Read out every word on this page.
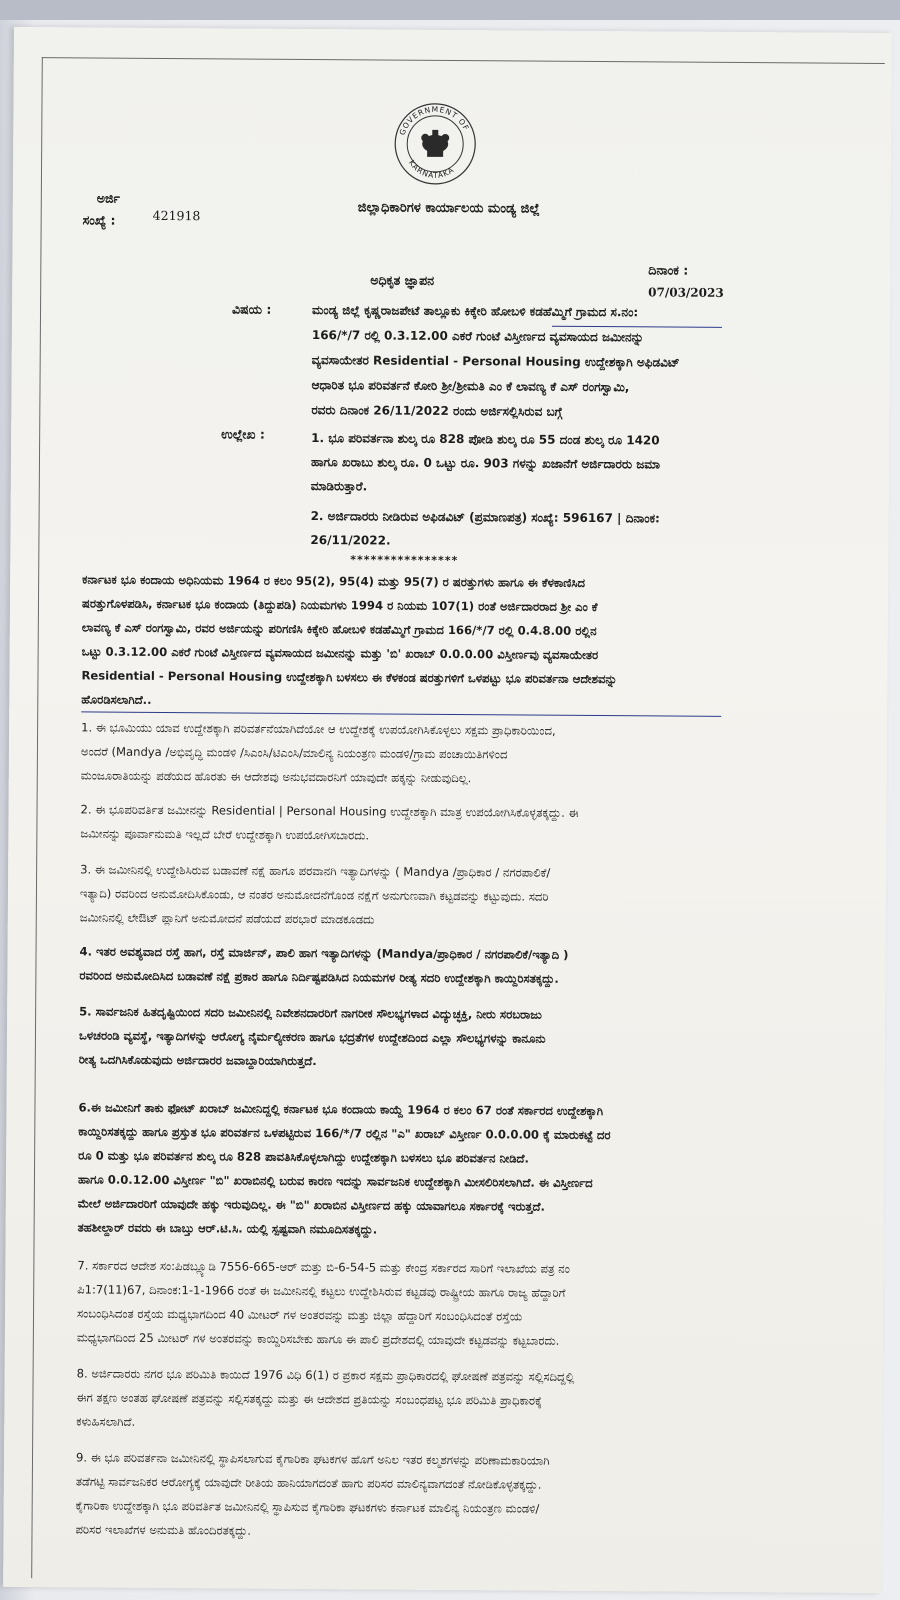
GOVERNMENT OF
KARNATAKA
ಜಿಲ್ಲಾಧಿಕಾರಿಗಳ ಕಾರ್ಯಾಲಯ ಮಂಡ್ಯ ಜಿಲ್ಲೆ
ಅರ್ಜಿ
ಸಂಖ್ಯೆ :	421918
ದಿನಾಂಕ :
07/03/2023
ಅಧಿಕೃತ ಜ್ಞಾಪನ
ವಿಷಯ :	ಮಂಡ್ಯ ಜಿಲ್ಲೆ ಕೃಷ್ಣರಾಜಪೇಟೆ ತಾಲ್ಲೂಕು ಕಿಕ್ಕೇರಿ ಹೋಬಳಿ ಕಡಹೆಮ್ಮಿಗೆ ಗ್ರಾಮದ ಸ.ನಂ:
166/*/7 ರಲ್ಲಿ 0.3.12.00 ಎಕರೆ ಗುಂಟೆ ವಿಸ್ತೀರ್ಣದ ವ್ಯವಸಾಯದ ಜಮೀನನ್ನು
ವ್ಯವಸಾಯೇತರ Residential - Personal Housing ಉದ್ದೇಶಕ್ಕಾಗಿ ಅಫಿಡವಿಟ್
ಆಧಾರಿತ ಭೂ ಪರಿವರ್ತನೆ ಕೋರಿ ಶ್ರೀ/ಶ್ರೀಮತಿ ಎಂ ಕೆ ಲಾವಣ್ಯ ಕೆ ಎಸ್ ರಂಗಸ್ವಾಮಿ,
ರವರು ದಿನಾಂಕ 26/11/2022 ರಂದು ಅರ್ಜಿಸಲ್ಲಿಸಿರುವ ಬಗ್ಗೆ
ಉಲ್ಲೇಖ :	1. ಭೂ ಪರಿವರ್ತನಾ ಶುಲ್ಕ ರೂ 828 ಪೋಡಿ ಶುಲ್ಕ ರೂ 55 ದಂಡ ಶುಲ್ಕ ರೂ 1420
ಹಾಗೂ ಖರಾಬು ಶುಲ್ಕ ರೂ. 0 ಒಟ್ಟು ರೂ. 903 ಗಳನ್ನು ಖಜಾನೆಗೆ ಅರ್ಜಿದಾರರು ಜಮಾ
ಮಾಡಿರುತ್ತಾರೆ.
2. ಅರ್ಜಿದಾರರು ನೀಡಿರುವ ಅಫಿಡವಿಟ್ (ಪ್ರಮಾಣಪತ್ರ) ಸಂಖ್ಯೆ: 596167 | ದಿನಾಂಕ:
26/11/2022.
****************
ಕರ್ನಾಟಕ ಭೂ ಕಂದಾಯ ಅಧಿನಿಯಮ 1964 ರ ಕಲಂ 95(2), 95(4) ಮತ್ತು 95(7) ರ ಷರತ್ತುಗಳು ಹಾಗೂ ಈ ಕೆಳಕಾಣಿಸಿದ
ಷರತ್ತುಗೊಳಪಡಿಸಿ, ಕರ್ನಾಟಕ ಭೂ ಕಂದಾಯ (ತಿದ್ದುಪಡಿ) ನಿಯಮಗಳು 1994 ರ ನಿಯಮ 107(1) ರಂತೆ ಅರ್ಜಿದಾರರಾದ ಶ್ರೀ ಎಂ ಕೆ
ಲಾವಣ್ಯ ಕೆ ಎಸ್ ರಂಗಸ್ವಾಮಿ, ರವರ ಅರ್ಜಿಯನ್ನು ಪರಿಗಣಿಸಿ ಕಿಕ್ಕೇರಿ ಹೋಬಳಿ ಕಡಹೆಮ್ಮಿಗೆ ಗ್ರಾಮದ 166/*/7 ರಲ್ಲಿ 0.4.8.00 ರಲ್ಲಿನ
ಒಟ್ಟು 0.3.12.00 ಎಕರೆ ಗುಂಟೆ ವಿಸ್ತೀರ್ಣದ ವ್ಯವಸಾಯದ ಜಮೀನನ್ನು ಮತ್ತು 'ಬಿ' ಖರಾಬ್ 0.0.0.00 ವಿಸ್ತೀರ್ಣವು ವ್ಯವಸಾಯೇತರ
Residential - Personal Housing ಉದ್ದೇಶಕ್ಕಾಗಿ ಬಳಸಲು ಈ ಕೆಳಕಂಡ ಷರತ್ತುಗಳಿಗೆ ಒಳಪಟ್ಟು ಭೂ ಪರಿವರ್ತನಾ ಆದೇಶವನ್ನು
ಹೊರಡಿಸಲಾಗಿದೆ..
1. ಈ ಭೂಮಿಯು ಯಾವ ಉದ್ದೇಶಕ್ಕಾಗಿ ಪರಿವರ್ತನೆಯಾಗಿದೆಯೋ ಆ ಉದ್ದೇಶಕ್ಕೆ ಉಪಯೋಗಿಸಿಕೊಳ್ಳಲು ಸಕ್ಷಮ ಪ್ರಾಧಿಕಾರಿಯಿಂದ,
ಅಂದರೆ (Mandya /ಅಭಿವೃದ್ಧಿ ಮಂಡಳಿ /ಸಿಎಂಸಿ/ಟಿಎಂಸಿ/ಮಾಲಿನ್ಯ ನಿಯಂತ್ರಣ ಮಂಡಳಿ/ಗ್ರಾಮ ಪಂಚಾಯಿತಿಗಳಿಂದ
ಮಂಜೂರಾತಿಯನ್ನು ಪಡೆಯದ ಹೊರತು ಈ ಆದೇಶವು ಅನುಭವದಾರನಿಗೆ ಯಾವುದೇ ಹಕ್ಕನ್ನು ನೀಡುವುದಿಲ್ಲ.
2. ಈ ಭೂಪರಿವರ್ತಿತ ಜಮೀನನ್ನು Residential | Personal Housing ಉದ್ದೇಶಕ್ಕಾಗಿ ಮಾತ್ರ ಉಪಯೋಗಿಸಿಕೊಳ್ಳತಕ್ಕದ್ದು. ಈ
ಜಮೀನನ್ನು ಪೂರ್ವಾನುಮತಿ ಇಲ್ಲದೆ ಬೇರೆ ಉದ್ದೇಶಕ್ಕಾಗಿ ಉಪಯೋಗಿಸಬಾರದು.
3. ಈ ಜಮೀನಿನಲ್ಲಿ ಉದ್ದೇಶಿಸಿರುವ ಬಡಾವಣೆ ನಕ್ಷೆ ಹಾಗೂ ಪರವಾನಗಿ ಇತ್ಯಾದಿಗಳನ್ನು ( Mandya /ಪ್ರಾಧಿಕಾರ / ನಗರಪಾಲಿಕೆ/
ಇತ್ಯಾದಿ) ರವರಿಂದ ಅನುಮೋದಿಸಿಕೊಂಡು, ಆ ನಂತರ ಅನುಮೋದನೆಗೊಂಡ ನಕ್ಷೆಗೆ ಅನುಗುಣವಾಗಿ ಕಟ್ಟಡವನ್ನು ಕಟ್ಟುವುದು. ಸದರಿ
ಜಮೀನಿನಲ್ಲಿ ಲೇಔಟ್ ಪ್ಲಾನಿಗೆ ಅನುಮೋದನೆ ಪಡೆಯದೆ ಪರಭಾರೆ ಮಾಡಕೂಡದು
4. ಇತರ ಅವಶ್ಯವಾದ ರಸ್ತೆ ಹಾಗ, ರಸ್ತೆ ಮಾರ್ಜಿನ್, ಪಾಲಿ ಹಾಗ ಇತ್ಯಾದಿಗಳನ್ನು (Mandya/ಪ್ರಾಧಿಕಾರ / ನಗರಪಾಲಿಕೆ/ಇತ್ಯಾದಿ )
ರವರಿಂದ ಅನುಮೋದಿಸಿದ ಬಡಾವಣೆ ನಕ್ಷೆ ಪ್ರಕಾರ ಹಾಗೂ ನಿರ್ದಿಷ್ಟಪಡಿಸಿದ ನಿಯಮಗಳ ರೀತ್ಯ ಸದರಿ ಉದ್ದೇಶಕ್ಕಾಗಿ ಕಾಯ್ದಿರಿಸತಕ್ಕದ್ದು.
5. ಸಾರ್ವಜನಿಕ ಹಿತದೃಷ್ಟಿಯಿಂದ ಸದರಿ ಜಮೀನಿನಲ್ಲಿ ನಿವೇಶನದಾರರಿಗೆ ನಾಗರೀಕ ಸೌಲಭ್ಯಗಳಾದ ವಿದ್ಯುಚ್ಛಕ್ತಿ, ನೀರು ಸರಬರಾಜು
ಒಳಚರಂಡಿ ವ್ಯವಸ್ಥೆ, ಇತ್ಯಾದಿಗಳನ್ನು ಆರೋಗ್ಯ ನೈರ್ಮಲ್ಯೀಕರಣ ಹಾಗೂ ಭದ್ರತೆಗಳ ಉದ್ದೇಶದಿಂದ ಎಲ್ಲಾ ಸೌಲಭ್ಯಗಳನ್ನು ಕಾನೂನು
ರೀತ್ಯ ಒದಗಿಸಿಕೊಡುವುದು ಅರ್ಜಿದಾರರ ಜವಾಬ್ದಾರಿಯಾಗಿರುತ್ತದೆ.
6.ಈ ಜಮೀನಿಗೆ ತಾಕು ಫೋಟ್ ಖರಾಬ್ ಜಮೀನಿದ್ದಲ್ಲಿ ಕರ್ನಾಟಕ ಭೂ ಕಂದಾಯ ಕಾಯ್ದೆ 1964 ರ ಕಲಂ 67 ರಂತೆ ಸರ್ಕಾರದ ಉದ್ದೇಶಕ್ಕಾಗಿ
ಕಾಯ್ದಿರಿಸತಕ್ಕದ್ದು ಹಾಗೂ ಪ್ರಸ್ತುತ ಭೂ ಪರಿವರ್ತನ ಒಳಪಟ್ಟಿರುವ 166/*/7 ರಲ್ಲಿನ "ಎ" ಖರಾಬ್ ವಿಸ್ತೀರ್ಣ 0.0.0.00 ಕ್ಕೆ ಮಾರುಕಟ್ಟೆ ದರ
ರೂ 0 ಮತ್ತು ಭೂ ಪರಿವರ್ತನ ಶುಲ್ಕ ರೂ 828 ಪಾವತಿಸಿಕೊಳ್ಳಲಾಗಿದ್ದು ಉದ್ದೇಶಕ್ಕಾಗಿ ಬಳಸಲು ಭೂ ಪರಿವರ್ತನ ನೀಡಿದೆ.
ಹಾಗೂ 0.0.12.00 ವಿಸ್ತೀರ್ಣ "ಬಿ" ಖರಾಬಿನಲ್ಲಿ ಬರುವ ಕಾರಣ ಇದನ್ನು ಸಾರ್ವಜನಿಕ ಉದ್ದೇಶಕ್ಕಾಗಿ ಮೀಸಲಿರಿಸಲಾಗಿದೆ. ಈ ವಿಸ್ತೀರ್ಣದ
ಮೇಲೆ ಅರ್ಜಿದಾರರಿಗೆ ಯಾವುದೇ ಹಕ್ಕು ಇರುವುದಿಲ್ಲ. ಈ "ಬಿ" ಖರಾಬಿನ ವಿಸ್ತೀರ್ಣದ ಹಕ್ಕು ಯಾವಾಗಲೂ ಸರ್ಕಾರಕ್ಕೆ ಇರುತ್ತದೆ.
ತಹಶೀಲ್ದಾರ್ ರವರು ಈ ಬಾಬ್ತು ಆರ್.ಟಿ.ಸಿ. ಯಲ್ಲಿ ಸ್ಪಷ್ಟವಾಗಿ ನಮೂದಿಸತಕ್ಕದ್ದು.
7. ಸರ್ಕಾರದ ಆದೇಶ ಸಂ:ಪಿಡಬ್ಲ್ಯೂಡಿ 7556-665-ಆರ್ ಮತ್ತು ಬಿ-6-54-5 ಮತ್ತು ಕೇಂದ್ರ ಸರ್ಕಾರದ ಸಾರಿಗೆ ಇಲಾಖೆಯ ಪತ್ರ ನಂ
ಪಿ1:7(11)67, ದಿನಾಂಕ:1-1-1966 ರಂತೆ ಈ ಜಮೀನಿನಲ್ಲಿ ಕಟ್ಟಲು ಉದ್ದೇಶಿಸಿರುವ ಕಟ್ಟಡವು ರಾಷ್ಟ್ರೀಯ ಹಾಗೂ ರಾಜ್ಯ ಹೆದ್ದಾರಿಗೆ
ಸಂಬಂಧಿಸಿದಂತ ರಸ್ತೆಯ ಮಧ್ಯಭಾಗದಿಂದ 40 ಮೀಟರ್ ಗಳ ಅಂತರವನ್ನು ಮತ್ತು ಜಿಲ್ಲಾ ಹೆದ್ದಾರಿಗೆ ಸಂಬಂಧಿಸಿದಂತೆ ರಸ್ತೆಯ
ಮಧ್ಯಭಾಗದಿಂದ 25 ಮೀಟರ್ ಗಳ ಅಂತರವನ್ನು ಕಾಯ್ದಿರಿಸಬೇಕು ಹಾಗೂ ಈ ಪಾಲಿ ಪ್ರದೇಶದಲ್ಲಿ ಯಾವುದೇ ಕಟ್ಟಡವನ್ನು ಕಟ್ಟಬಾರದು.
8. ಅರ್ಜಿದಾರರು ನಗರ ಭೂ ಪರಿಮಿತಿ ಕಾಯಿದೆ 1976 ವಿಧಿ 6(1) ರ ಪ್ರಕಾರ ಸಕ್ಷಮ ಪ್ರಾಧಿಕಾರದಲ್ಲಿ ಘೋಷಣೆ ಪತ್ರವನ್ನು ಸಲ್ಲಿಸದಿದ್ದಲ್ಲಿ
ಈಗ ತಕ್ಷಣ ಅಂತಹ ಘೋಷಣೆ ಪತ್ರವನ್ನು ಸಲ್ಲಿಸತಕ್ಕದ್ದು ಮತ್ತು ಈ ಆದೇಶದ ಪ್ರತಿಯನ್ನು ಸಂಬಂಧಪಟ್ಟ ಭೂ ಪರಿಮಿತಿ ಪ್ರಾಧಿಕಾರಕ್ಕೆ
ಕಳುಹಿಸಲಾಗಿದೆ.
9. ಈ ಭೂ ಪರಿವರ್ತನಾ ಜಮೀನಿನಲ್ಲಿ ಸ್ಥಾಪಿಸಲಾಗುವ ಕೈಗಾರಿಕಾ ಘಟಕಗಳ ಹೊಗೆ ಅನಿಲ ಇತರ ಕಲ್ಮಶಗಳನ್ನು ಪರಿಣಾಮಕಾರಿಯಾಗಿ
ತಡೆಗಟ್ಟಿ ಸಾರ್ವಜನಿಕರ ಆರೋಗ್ಯಕ್ಕೆ ಯಾವುದೇ ರೀತಿಯ ಹಾನಿಯಾಗದಂತೆ ಹಾಗು ಪರಿಸರ ಮಾಲಿನ್ಯವಾಗದಂತೆ ನೋಡಿಕೊಳ್ಳತಕ್ಕದ್ದು.
ಕೈಗಾರಿಕಾ ಉದ್ದೇಶಕ್ಕಾಗಿ ಭೂ ಪರಿವರ್ತಿತ ಜಮೀನಿನಲ್ಲಿ ಸ್ಥಾಪಿಸುವ ಕೈಗಾರಿಕಾ ಘಟಕಗಳು ಕರ್ನಾಟಕ ಮಾಲಿನ್ಯ ನಿಯಂತ್ರಣ ಮಂಡಳಿ/
ಪರಿಸರ ಇಲಾಖೆಗಳ ಅನುಮತಿ ಹೊಂದಿರತಕ್ಕದ್ದು.
